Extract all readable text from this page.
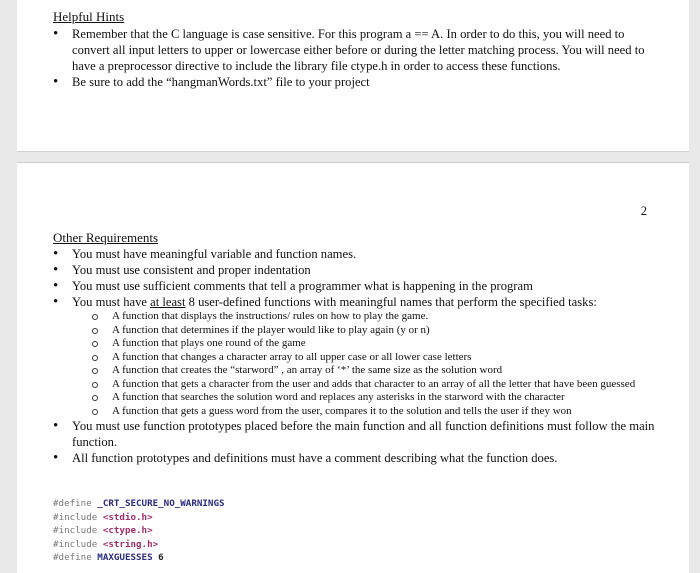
Helpful Hints
• Remember that the C language is case sensitive. For this program a == A. In order to do this, you will need to convert all input letters to upper or lowercase either before or during the letter matching process. You will need to have a preprocessor directive to include the library file ctype.h in order to access these functions.
• Be sure to add the “hangmanWords.txt” file to your project
2
Other Requirements
• You must have meaningful variable and function names.
• You must use consistent and proper indentation
• You must use sufficient comments that tell a programmer what is happening in the program
• You must have at least 8 user-defined functions with meaningful names that perform the specified tasks:
A function that displays the instructions/ rules on how to play the game.
A function that determines if the player would like to play again (y or n)
A function that plays one round of the game
A function that changes a character array to all upper case or all lower case letters
A function that creates the “starword” , an array of ‘*’ the same size as the solution word
A function that gets a character from the user and adds that character to an array of all the letter that have been guessed
A function that searches the solution word and replaces any asterisks in the starword with the character
A function that gets a guess word from the user, compares it to the solution and tells the user if they won
• You must use function prototypes placed before the main function and all function definitions must follow the main function.
• All function prototypes and definitions must have a comment describing what the function does.
#define _CRT_SECURE_NO_WARNINGS
#include <stdio.h>
#include <ctype.h>
#include <string.h>
#define MAXGUESSES 6
